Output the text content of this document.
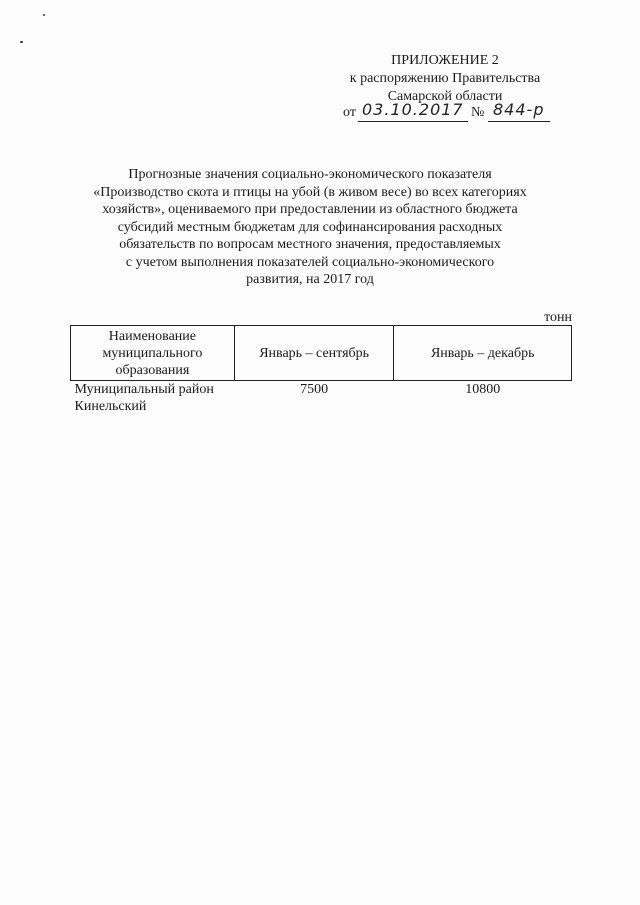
ПРИЛОЖЕНИЕ 2
к распоряжению Правительства
Самарской области
от 03.10.2017 № 844-р
Прогнозные значения социально-экономического показателя
«Производство скота и птицы на убой (в живом весе) во всех категориях
хозяйств», оцениваемого при предоставлении из областного бюджета
субсидий местным бюджетам для софинансирования расходных
обязательств по вопросам местного значения, предоставляемых
с учетом выполнения показателей социально-экономического
развития, на 2017 год
тонн
Наименование
муниципального
образования	Январь – сентябрь	Январь – декабрь

Муниципальный район
Кинельский	7500	10800
